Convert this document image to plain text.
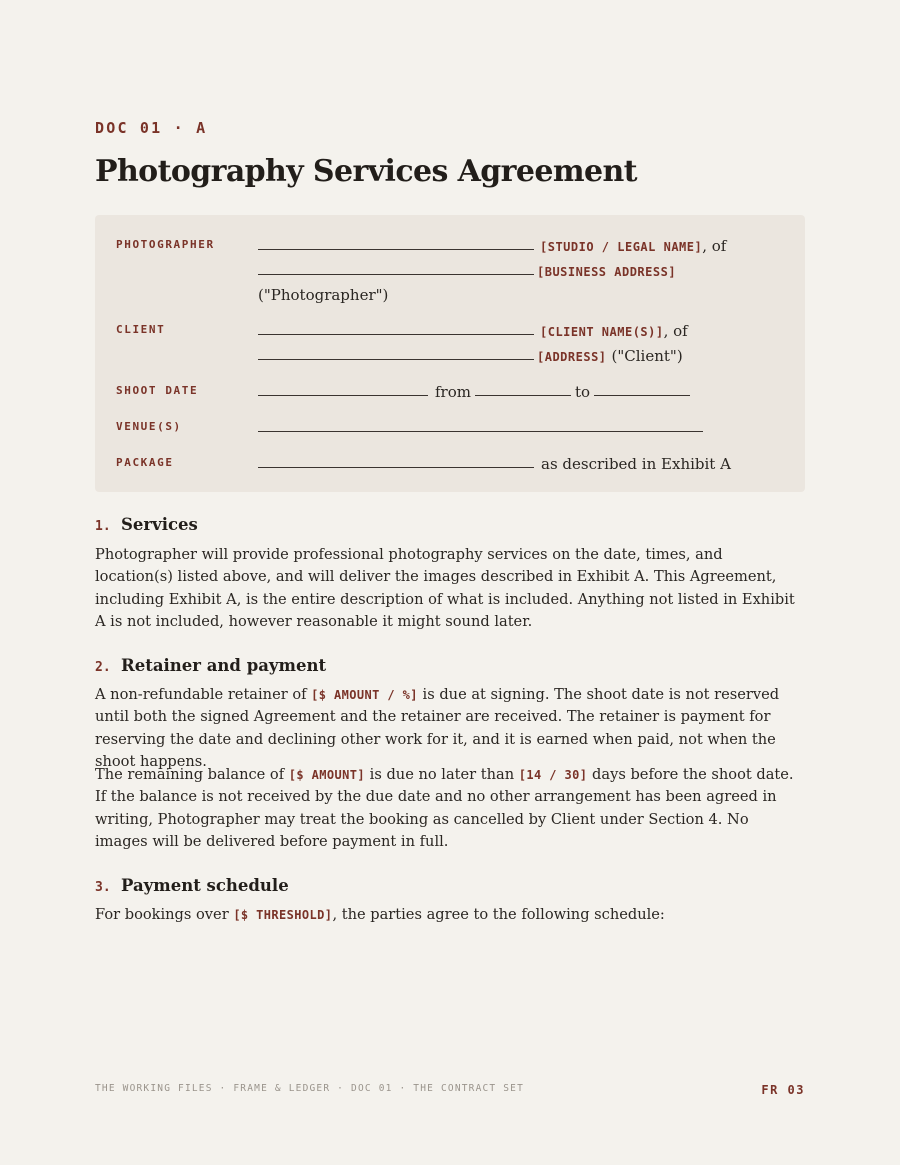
DOC 01 · A
Photography Services Agreement
PHOTOGRAPHER	[STUDIO / LEGAL NAME] , of
[BUSINESS ADDRESS]
("Photographer")
CLIENT	[CLIENT NAME(S)] , of
[ADDRESS] ("Client")
SHOOT DATE	from	to
VENUE(S)
PACKAGE	as described in Exhibit A
1. Services

Photographer will provide professional photography services on the date, times, and location(s) listed above, and will deliver the images described in Exhibit A. This Agreement, including Exhibit A, is the entire description of what is included. Anything not listed in Exhibit A is not included, however reasonable it might sound later.

2. Retainer and payment

A non-refundable retainer of [$ AMOUNT / %] is due at signing. The shoot date is not reserved until both the signed Agreement and the retainer are received. The retainer is payment for reserving the date and declining other work for it, and it is earned when paid, not when the shoot happens.

The remaining balance of [$ AMOUNT] is due no later than [14 / 30] days before the shoot date. If the balance is not received by the due date and no other arrangement has been agreed in writing, Photographer may treat the booking as cancelled by Client under Section 4. No images will be delivered before payment in full.

3. Payment schedule

For bookings over [$ THRESHOLD], the parties agree to the following schedule:

THE WORKING FILES · FRAME & LEDGER · DOC 01 · THE CONTRACT SET	FR 03
